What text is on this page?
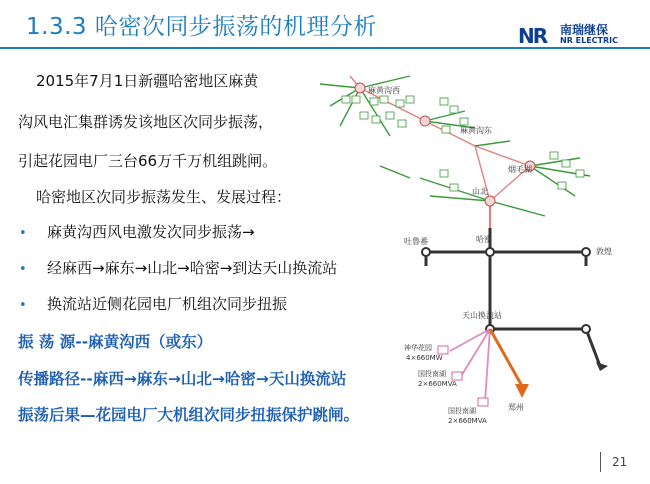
1.3.3 哈密次同步振荡的机理分析	NR 南瑞继保
NR ELECTRIC
2015年7月1日新疆哈密地区麻黄
沟风电汇集群诱发该地区次同步振荡，
引起花园电厂三台66万千万机组跳闸。
哈密地区次同步振荡发生、发展过程：
• 麻黄沟西风电激发次同步振荡→
• 经麻西→麻东→山北→哈密→到达天山换流站
• 换流站近侧花园电厂机组次同步扭振
振 荡 源--麻黄沟西（或东）
传播路径--麻西→麻东→山北→哈密→天山换流站
振荡后果—花园电厂大机组次同步扭振保护跳闸。
麻黄沟西
麻黄沟东
烟毛湖
山北
吐鲁番	哈密
敦煌
天山换流站
神华花园
4×660MW
国投南湖
2×660MVA
国投南湖
2×660MVA
郑州
21
